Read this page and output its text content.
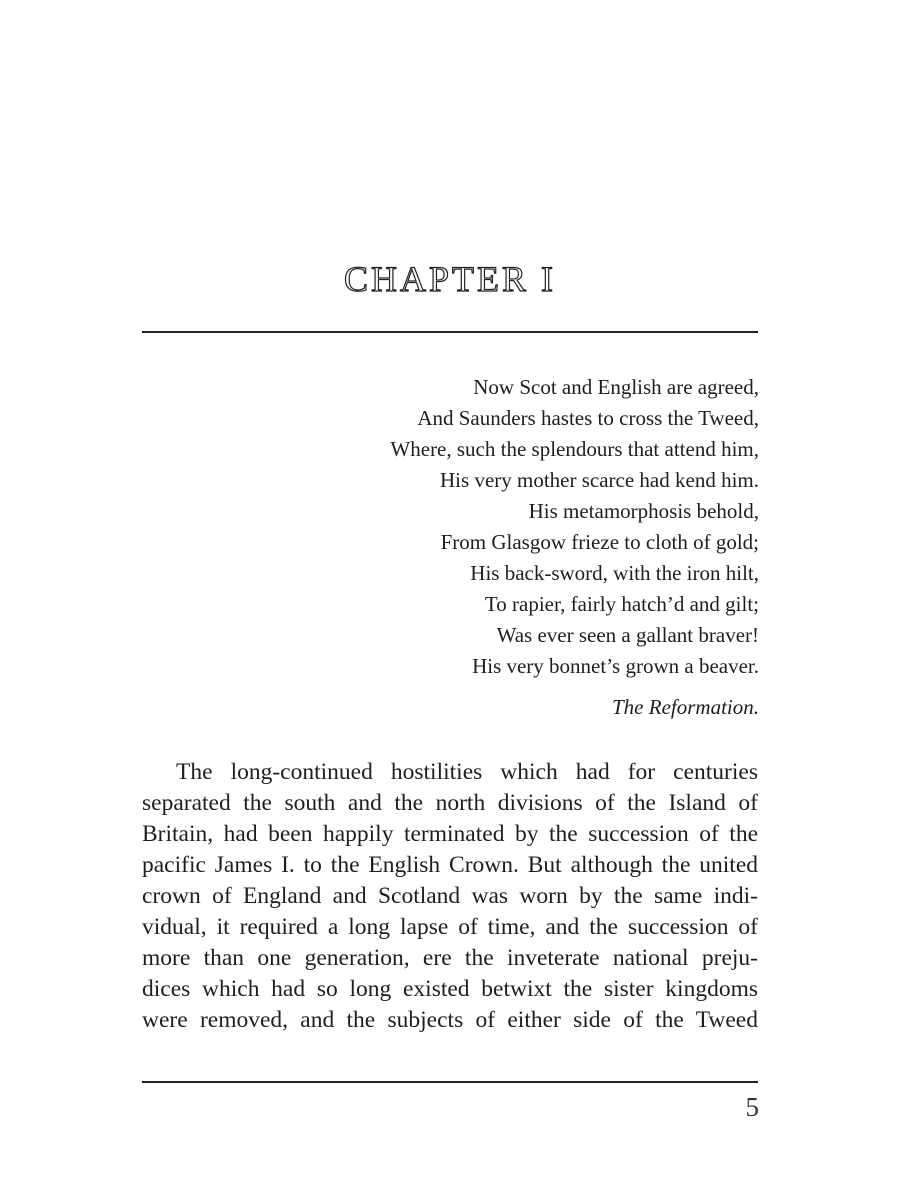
CHAPTER I
Now Scot and English are agreed,
And Saunders hastes to cross the Tweed,
Where, such the splendours that attend him,
His very mother scarce had kend him.
His metamorphosis behold,
From Glasgow frieze to cloth of gold;
His back-sword, with the iron hilt,
To rapier, fairly hatch’d and gilt;
Was ever seen a gallant braver!
His very bonnet’s grown a beaver.
The Reformation.
The long-continued hostilities which had for centuries
separated the south and the north divisions of the Island of
Britain, had been happily terminated by the succession of the
pacific James I. to the English Crown. But although the united
crown of England and Scotland was worn by the same indi-
vidual, it required a long lapse of time, and the succession of
more than one generation, ere the inveterate national preju-
dices which had so long existed betwixt the sister kingdoms
were removed, and the subjects of either side of the Tweed
5
